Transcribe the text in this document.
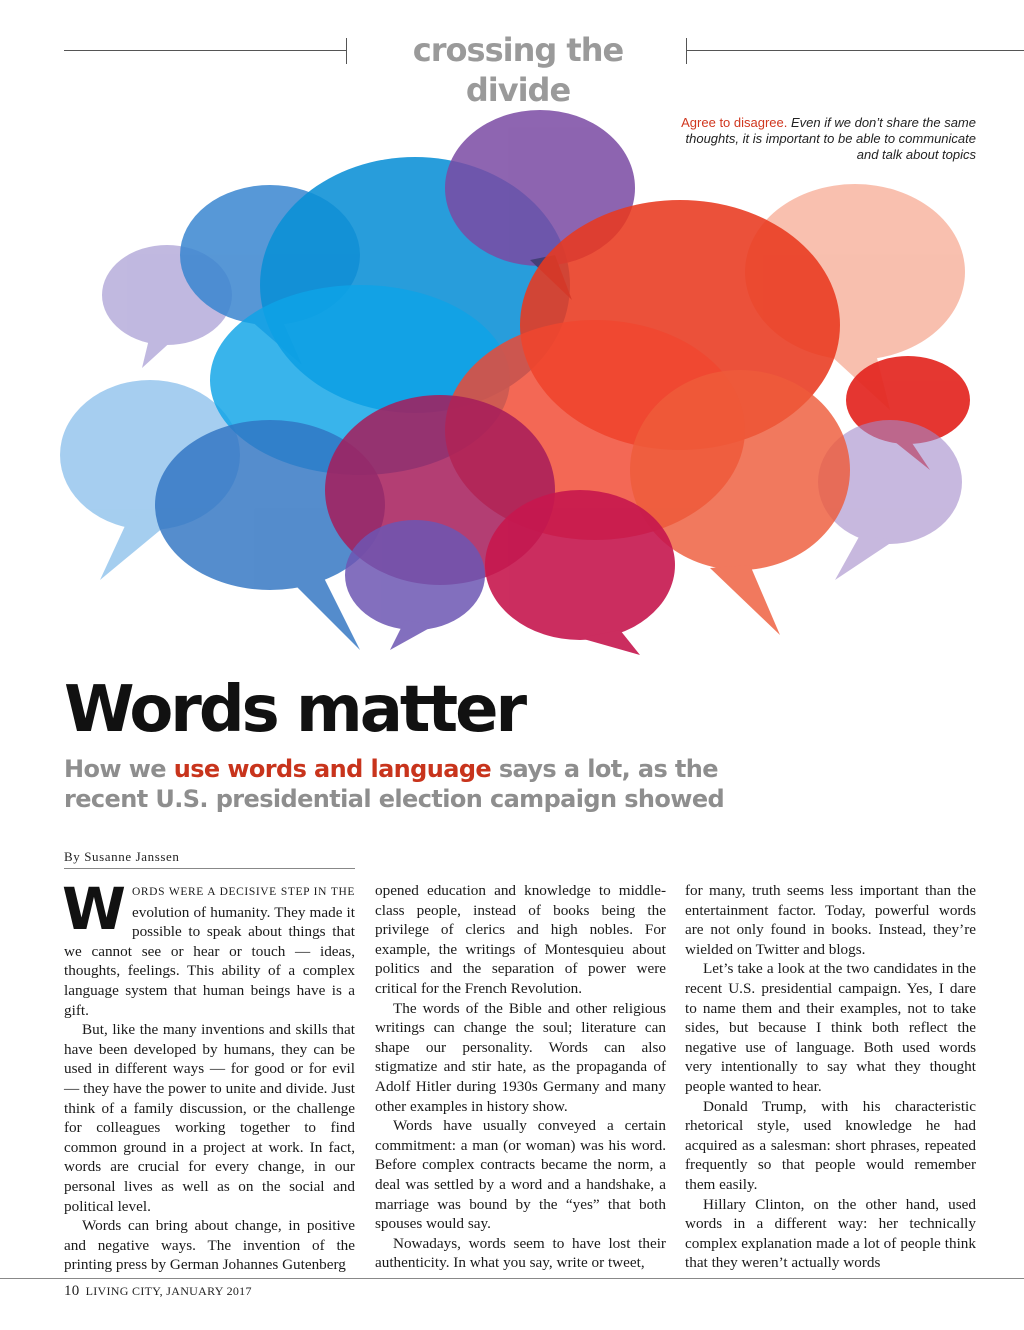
crossing the divide
Agree to disagree. Even if we don’t share the same thoughts, it is important to be able to communicate and talk about topics
Words matter
How we use words and language says a lot, as the recent U.S. presidential election campaign showed
By Susanne Janssen

WORDS WERE A DECISIVE STEP IN THE evolution of humanity. They made it possible to speak about things that we cannot see or hear or touch — ideas, thoughts, feelings. This ability of a complex language system that human beings have is a gift.

But, like the many inventions and skills that have been developed by humans, they can be used in different ways — for good or for evil — they have the power to unite and divide. Just think of a family discussion, or the challenge for colleagues working together to find common ground in a project at work. In fact, words are crucial for every change, in our personal lives as well as on the social and political level.

Words can bring about change, in positive and negative ways. The invention of the printing press by German Johannes Gutenberg

opened education and knowledge to middle-class people, instead of books being the privilege of clerics and high nobles. For example, the writings of Montesquieu about politics and the separation of power were critical for the French Revolution.

The words of the Bible and other religious writings can change the soul; literature can shape our personality. Words can also stigmatize and stir hate, as the propaganda of Adolf Hitler during 1930s Germany and many other examples in history show.

Words have usually conveyed a certain commitment: a man (or woman) was his word. Before complex contracts became the norm, a deal was settled by a word and a handshake, a marriage was bound by the “yes” that both spouses would say.

Nowadays, words seem to have lost their authenticity. In what you say, write or tweet,

for many, truth seems less important than the entertainment factor. Today, powerful words are not only found in books. Instead, they’re wielded on Twitter and blogs.

Let’s take a look at the two candidates in the recent U.S. presidential campaign. Yes, I dare to name them and their examples, not to take sides, but because I think both reflect the negative use of language. Both used words very intentionally to say what they thought people wanted to hear.

Donald Trump, with his characteristic rhetorical style, used knowledge he had acquired as a salesman: short phrases, repeated frequently so that people would remember them easily.

Hillary Clinton, on the other hand, used words in a different way: her technically complex explanation made a lot of people think that they weren’t actually words

10 LIVING CITY, JANUARY 2017
